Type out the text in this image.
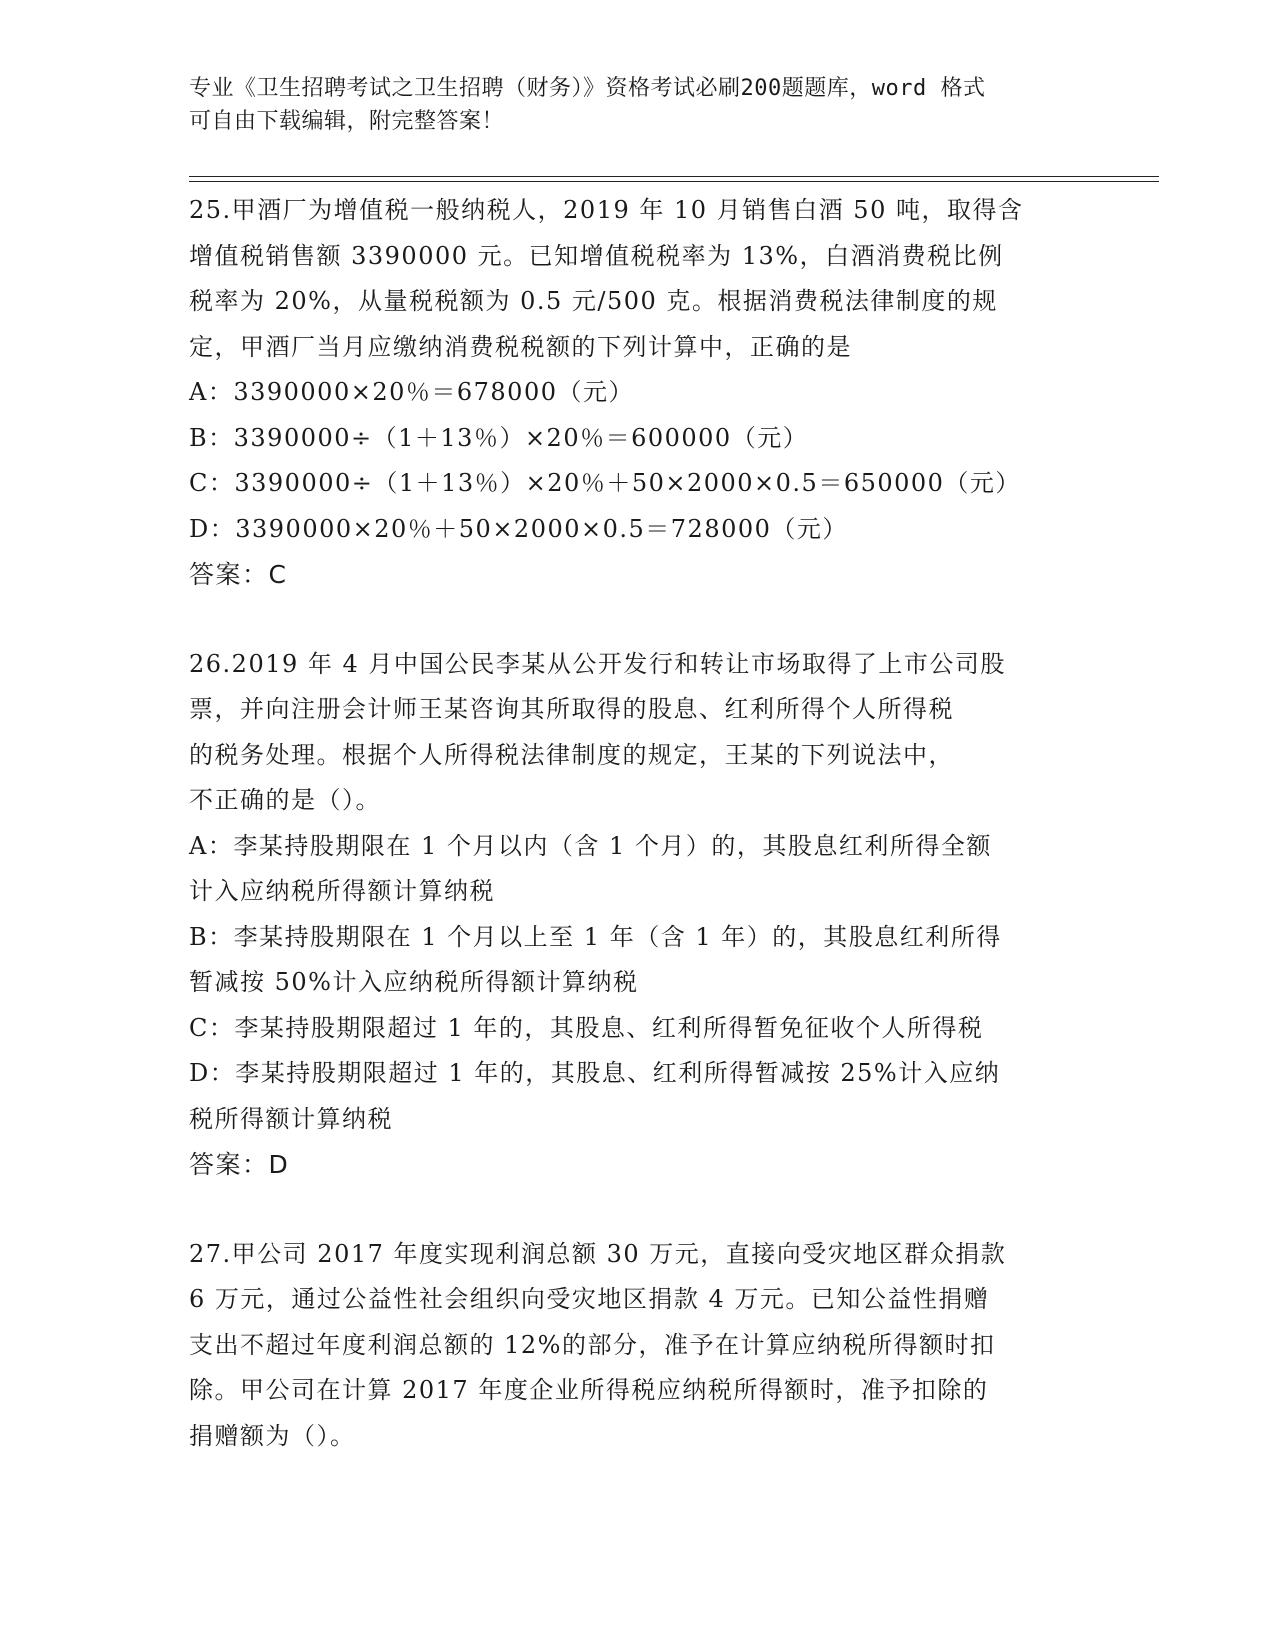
专业《卫生招聘考试之卫生招聘（财务）》资格考试必刷200题题库，word 格式
可自由下载编辑，附完整答案！
25.甲酒厂为增值税一般纳税人，2019 年 10 月销售白酒 50 吨，取得含
增值税销售额 3390000 元。已知增值税税率为 13%，白酒消费税比例
税率为 20%，从量税税额为 0.5 元/500 克。根据消费税法律制度的规
定，甲酒厂当月应缴纳消费税税额的下列计算中，正确的是
A：3390000×20％＝678000（元）
B：3390000÷（1＋13％）×20％＝600000（元）
C：3390000÷（1＋13％）×20％＋50×2000×0.5＝650000（元）
D：3390000×20％＋50×2000×0.5＝728000（元）
答案：C
26.2019 年 4 月中国公民李某从公开发行和转让市场取得了上市公司股
票，并向注册会计师王某咨询其所取得的股息、红利所得个人所得税
的税务处理。根据个人所得税法律制度的规定，王某的下列说法中，
不正确的是（）。
A：李某持股期限在 1 个月以内（含 1 个月）的，其股息红利所得全额
计入应纳税所得额计算纳税
B：李某持股期限在 1 个月以上至 1 年（含 1 年）的，其股息红利所得
暂减按 50%计入应纳税所得额计算纳税
C：李某持股期限超过 1 年的，其股息、红利所得暂免征收个人所得税
D：李某持股期限超过 1 年的，其股息、红利所得暂减按 25%计入应纳
税所得额计算纳税
答案：D
27.甲公司 2017 年度实现利润总额 30 万元，直接向受灾地区群众捐款
6 万元，通过公益性社会组织向受灾地区捐款 4 万元。已知公益性捐赠
支出不超过年度利润总额的 12%的部分，准予在计算应纳税所得额时扣
除。甲公司在计算 2017 年度企业所得税应纳税所得额时，准予扣除的
捐赠额为（）。
